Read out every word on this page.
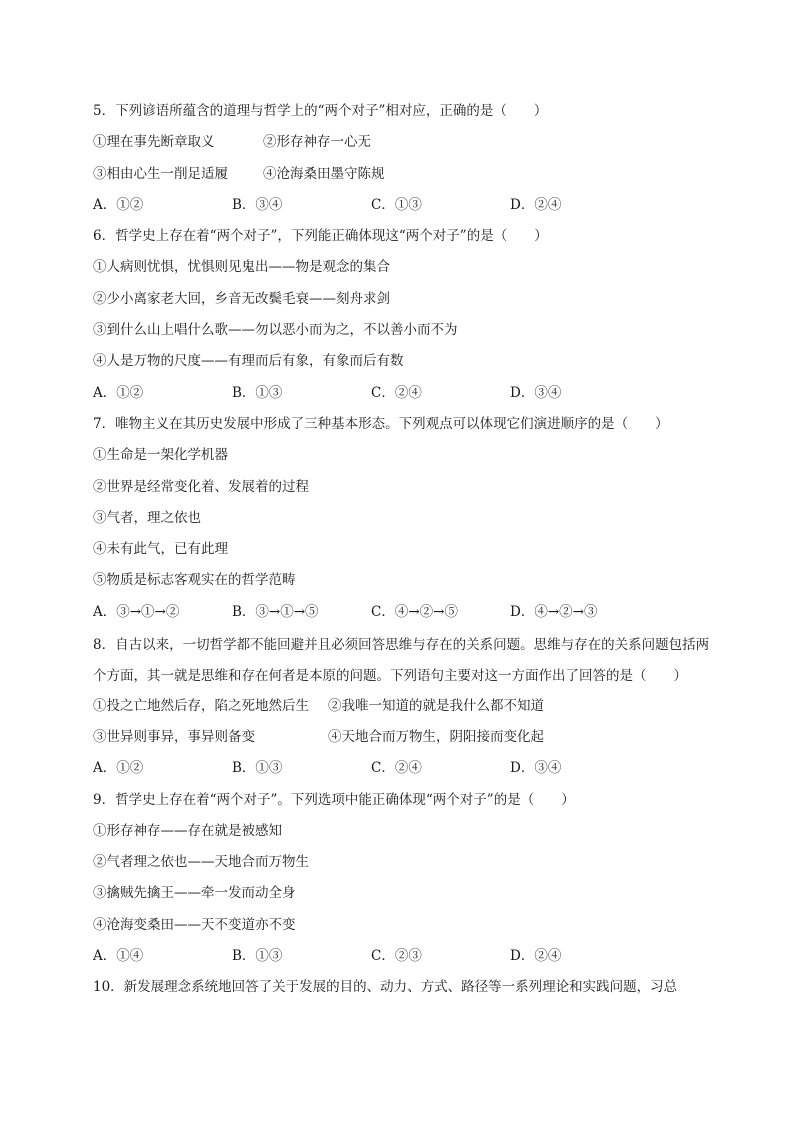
5．下列谚语所蕴含的道理与哲学上的“两个对子”相对应，正确的是（　　）
①理在事先断章取义	②形存神存一心无
③相由心生一削足适履	④沧海桑田墨守陈规
A．①②	B．③④	C．①③	D．②④
6．哲学史上存在着“两个对子”，下列能正确体现这“两个对子”的是（　　）
①人病则忧惧，忧惧则见鬼出——物是观念的集合
②少小离家老大回，乡音无改鬓毛衰——刻舟求剑
③到什么山上唱什么歌——勿以恶小而为之，不以善小而不为
④人是万物的尺度——有理而后有象，有象而后有数
A．①②	B．①③	C．②④	D．③④
7．唯物主义在其历史发展中形成了三种基本形态。下列观点可以体现它们演进顺序的是（　　）
①生命是一架化学机器
②世界是经常变化着、发展着的过程
③气者，理之依也
④未有此气，已有此理
⑤物质是标志客观实在的哲学范畴
A．③→①→②	B．③→①→⑤	C．④→②→⑤	D．④→②→③
8．自古以来，一切哲学都不能回避并且必须回答思维与存在的关系问题。思维与存在的关系问题包括两个方面，其一就是思维和存在何者是本原的问题。下列语句主要对这一方面作出了回答的是（　　）
①投之亡地然后存，陷之死地然后生	②我唯一知道的就是我什么都不知道
③世异则事异，事异则备变	④天地合而万物生，阴阳接而变化起
A．①②	B．①③	C．②④	D．③④
9．哲学史上存在着“两个对子”。下列选项中能正确体现“两个对子”的是（　　）
①形存神存——存在就是被感知
②气者理之依也——天地合而万物生
③擒贼先擒王——牵一发而动全身
④沧海变桑田——天不变道亦不变
A．①④	B．①③	C．②③	D．②④
10．新发展理念系统地回答了关于发展的目的、动力、方式、路径等一系列理论和实践问题，习总
